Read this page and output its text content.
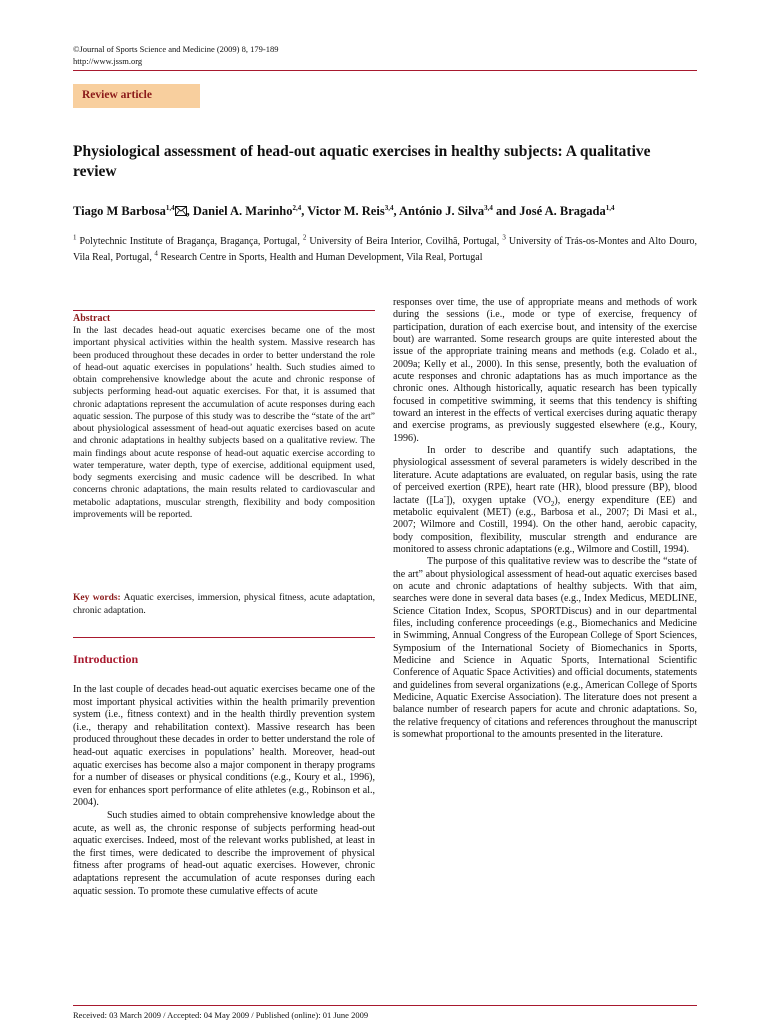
©Journal of Sports Science and Medicine (2009) 8, 179-189
http://www.jssm.org
Review article
Physiological assessment of head-out aquatic exercises in healthy subjects: A qualitative review
Tiago M Barbosa$^{1,4}$ , Daniel A. Marinho$^{2,4}$, Victor M. Reis$^{3,4}$, António J. Silva$^{3,4}$ and José A. Bragada$^{1,4}$
$^1$ Polytechnic Institute of Bragança, Bragança, Portugal, $^2$ University of Beira Interior, Covilhã, Portugal, $^3$ University of Trás-os-Montes and Alto Douro, Vila Real, Portugal, $^4$ Research Centre in Sports, Health and Human Development, Vila Real, Portugal
Abstract
In the last decades head-out aquatic exercises became one of the most important physical activities within the health system. Massive research has been produced throughout these decades in order to better understand the role of head-out aquatic exercises in populations’ health. Such studies aimed to obtain comprehensive knowledge about the acute and chronic response of subjects performing head-out aquatic exercises. For that, it is assumed that chronic adaptations represent the accumulation of acute responses during each aquatic session. The purpose of this study was to describe the “state of the art” about physiological assessment of head-out aquatic exercises based on acute and chronic adaptations in healthy subjects based on a qualitative review. The main findings about acute response of head-out aquatic exercise according to water temperature, water depth, type of exercise, additional equipment used, body segments exercising and music cadence will be described. In what concerns chronic adaptations, the main results related to cardiovascular and metabolic adaptations, muscular strength, flexibility and body composition improvements will be reported.
Key words: Aquatic exercises, immersion, physical fitness, acute adaptation, chronic adaptation.
Introduction

In the last couple of decades head-out aquatic exercises became one of the most important physical activities within the health primarily prevention system (i.e., fitness context) and in the health thirdly prevention system (i.e., therapy and rehabilitation context). Massive research has been produced throughout these decades in order to better understand the role of head-out aquatic exercises in populations’ health. Moreover, head-out aquatic exercises has become also a major component in therapy programs for a number of diseases or physical conditions (e.g., Koury et al., 1996), even for enhances sport performance of elite athletes (e.g., Robinson et al., 2004).

Such studies aimed to obtain comprehensive knowledge about the acute, as well as, the chronic response of subjects performing head-out aquatic exercises. Indeed, most of the relevant works published, at least in the first times, were dedicated to describe the improvement of physical fitness after programs of head-out aquatic exercises. However, chronic adaptations represent the accumulation of acute responses during each aquatic session. To promote these cumulative effects of acute

responses over time, the use of appropriate means and methods of work during the sessions (i.e., mode or type of exercise, frequency of participation, duration of each exercise bout, and intensity of the exercise bout) are warranted. Some research groups are quite interested about the issue of the appropriate training means and methods (e.g. Colado et al., 2009a; Kelly et al., 2000). In this sense, presently, both the evaluation of acute responses and chronic adaptations has as much importance as the chronic ones. Although historically, aquatic research has been typically focused in competitive swimming, it seems that this tendency is shifting toward an interest in the effects of vertical exercises during aquatic therapy and exercise programs, as previously suggested elsewhere (e.g., Koury, 1996).

In order to describe and quantify such adaptations, the physiological assessment of several parameters is widely described in the literature. Acute adaptations are evaluated, on regular basis, using the rate of perceived exertion (RPE), heart rate (HR), blood pressure (BP), blood lactate ([La-]), oxygen uptake $(VO_2)$, energy expenditure (EE) and metabolic equivalent (MET) (e.g., Barbosa et al., 2007; Di Masi et al., 2007; Wilmore and Costill, 1994). On the other hand, aerobic capacity, body composition, flexibility, muscular strength and endurance are monitored to assess chronic adaptations (e.g., Wilmore and Costill, 1994).

The purpose of this qualitative review was to describe the “state of the art” about physiological assessment of head-out aquatic exercises based on acute and chronic adaptations of healthy subjects. With that aim, searches were done in several data bases (e.g., Index Medicus, MEDLINE, Science Citation Index, Scopus, SPORTDiscus) and in our departmental files, including conference proceedings (e.g., Biomechanics and Medicine in Swimming, Annual Congress of the European College of Sport Sciences, Symposium of the International Society of Biomechanics in Sports, Medicine and Science in Aquatic Sports, International Scientific Conference of Aquatic Space Activities) and official documents, statements and guidelines from several organizations (e.g., American College of Sports Medicine, Aquatic Exercise Association). The literature does not present a balance number of research papers for acute and chronic adaptations. So, the relative frequency of citations and references throughout the manuscript is somewhat proportional to the amounts presented in the literature.

Received: 03 March 2009 / Accepted: 04 May 2009 / Published (online): 01 June 2009
